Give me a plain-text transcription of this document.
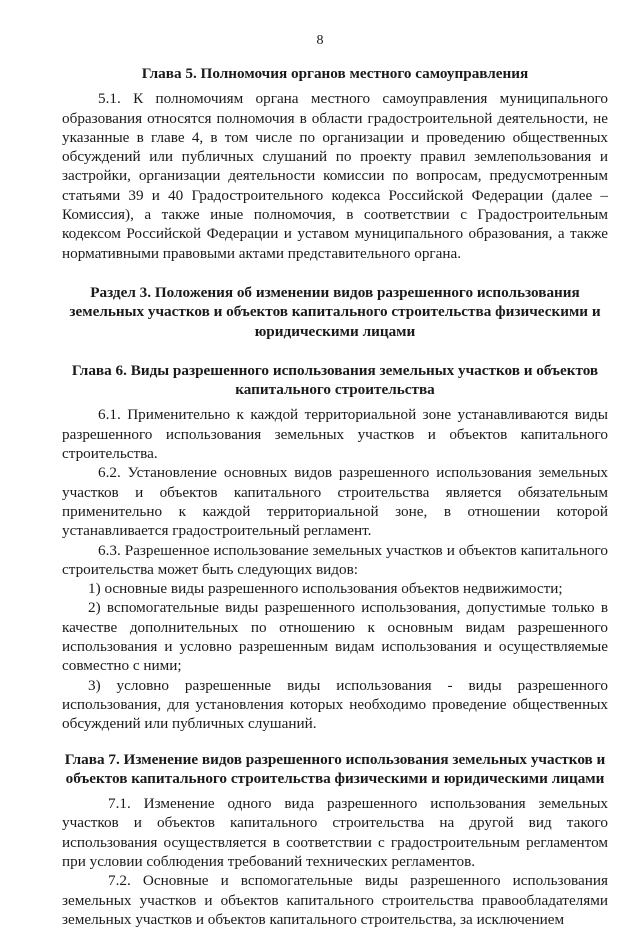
8
Глава 5. Полномочия органов местного самоуправления

5.1. К полномочиям органа местного самоуправления муниципального образования относятся полномочия в области градостроительной деятельности, не указанные в главе 4, в том числе по организации и проведению общественных обсуждений или публичных слушаний по проекту правил землепользования и застройки, организации деятельности комиссии по вопросам, предусмотренным статьями 39 и 40 Градостроительного кодекса Российской Федерации (далее – Комиссия), а также иные полномочия, в соответствии с Градостроительным кодексом Российской Федерации и уставом муниципального образования, а также нормативными правовыми актами представительного органа.

Раздел 3. Положения об изменении видов разрешенного использования земельных участков и объектов капитального строительства физическими и юридическими лицами
Глава 6. Виды разрешенного использования земельных участков и объектов капитального строительства

6.1. Применительно к каждой территориальной зоне устанавливаются виды разрешенного использования земельных участков и объектов капитального строительства.

6.2. Установление основных видов разрешенного использования земельных участков и объектов капитального строительства является обязательным применительно к каждой территориальной зоне, в отношении которой устанавливается градостроительный регламент.

6.3. Разрешенное использование земельных участков и объектов капитального строительства может быть следующих видов:

1) основные виды разрешенного использования объектов недвижимости;

2) вспомогательные виды разрешенного использования, допустимые только в качестве дополнительных по отношению к основным видам разрешенного использования и условно разрешенным видам использования и осуществляемые совместно с ними;

3) условно разрешенные виды использования - виды разрешенного использования, для установления которых необходимо проведение общественных обсуждений или публичных слушаний.

Глава 7. Изменение видов разрешенного использования земельных участков и объектов капитального строительства физическими и юридическими лицами

7.1. Изменение одного вида разрешенного использования земельных участков и объектов капитального строительства на другой вид такого использования осуществляется в соответствии с градостроительным регламентом при условии соблюдения требований технических регламентов.

7.2. Основные и вспомогательные виды разрешенного использования земельных участков и объектов капитального строительства правообладателями земельных участков и объектов капитального строительства, за исключением
